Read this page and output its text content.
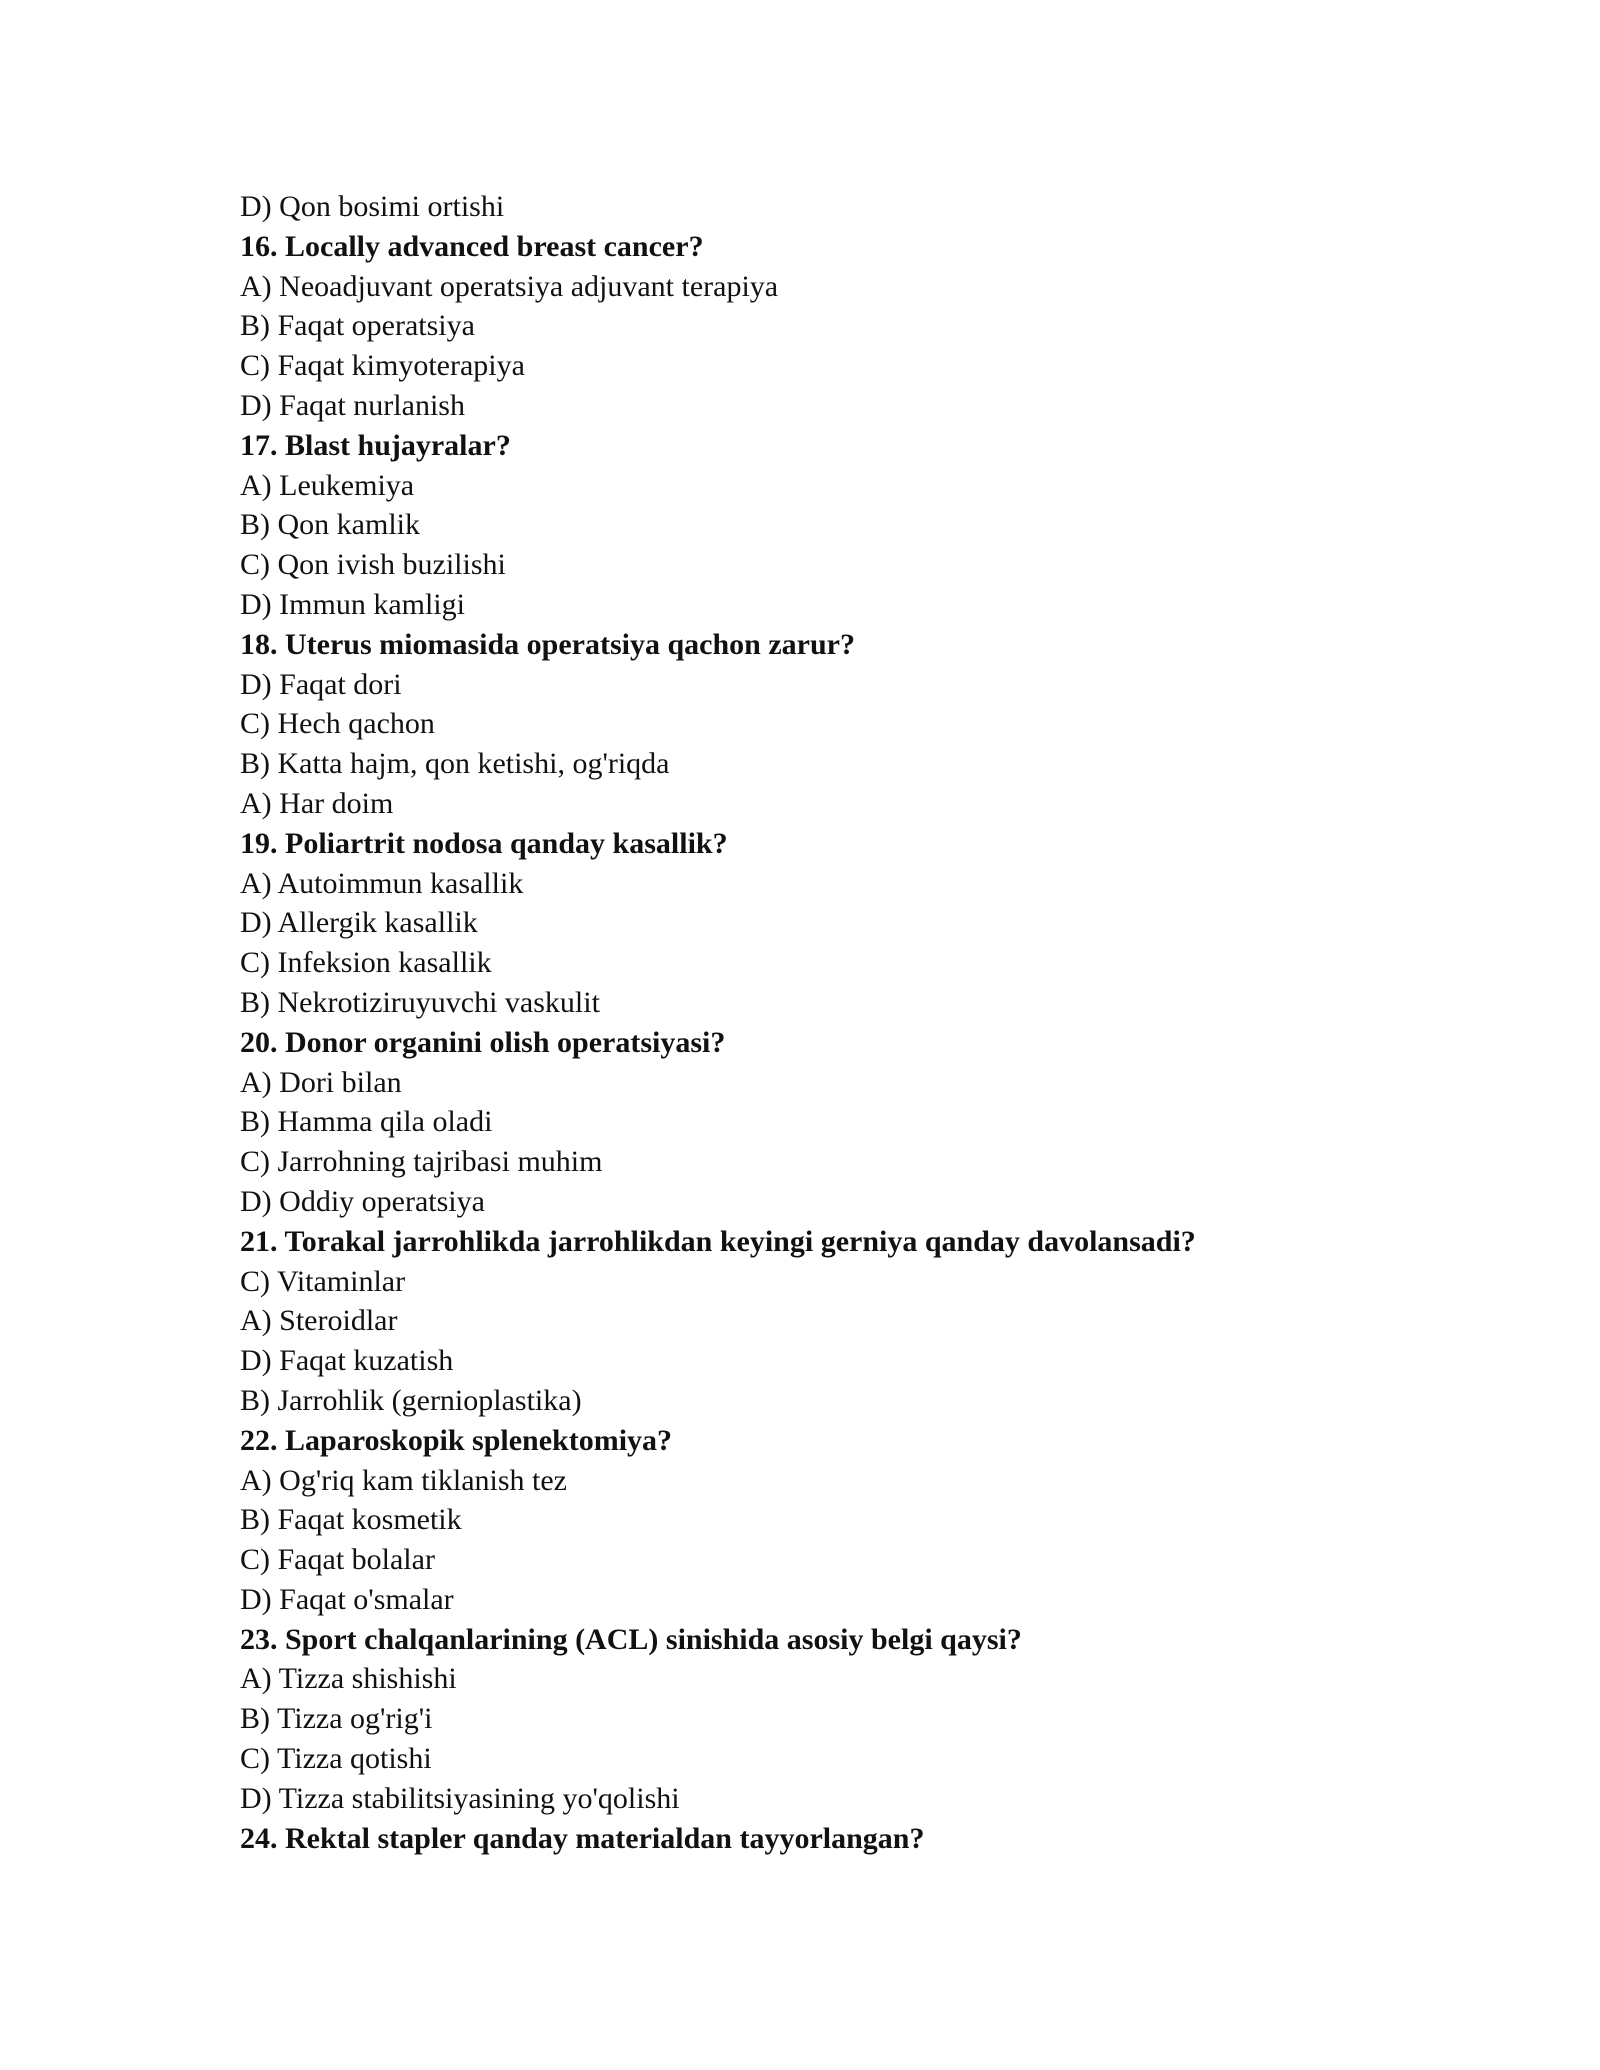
D) Qon bosimi ortishi
16. Locally advanced breast cancer?
A) Neoadjuvant operatsiya adjuvant terapiya
B) Faqat operatsiya
C) Faqat kimyoterapiya
D) Faqat nurlanish
17. Blast hujayralar?
A) Leukemiya
B) Qon kamlik
C) Qon ivish buzilishi
D) Immun kamligi
18. Uterus miomasida operatsiya qachon zarur?
D) Faqat dori
C) Hech qachon
B) Katta hajm, qon ketishi, og'riqda
A) Har doim
19. Poliartrit nodosa qanday kasallik?
A) Autoimmun kasallik
D) Allergik kasallik
C) Infeksion kasallik
B) Nekrotiziruyuvchi vaskulit
20. Donor organini olish operatsiyasi?
A) Dori bilan
B) Hamma qila oladi
C) Jarrohning tajribasi muhim
D) Oddiy operatsiya
21. Torakal jarrohlikda jarrohlikdan keyingi gerniya qanday davolansadi?
C) Vitaminlar
A) Steroidlar
D) Faqat kuzatish
B) Jarrohlik (gernioplastika)
22. Laparoskopik splenektomiya?
A) Og'riq kam tiklanish tez
B) Faqat kosmetik
C) Faqat bolalar
D) Faqat o'smalar
23. Sport chalqanlarining (ACL) sinishida asosiy belgi qaysi?
A) Tizza shishishi
B) Tizza og'rig'i
C) Tizza qotishi
D) Tizza stabilitsiyasining yo'qolishi
24. Rektal stapler qanday materialdan tayyorlangan?
